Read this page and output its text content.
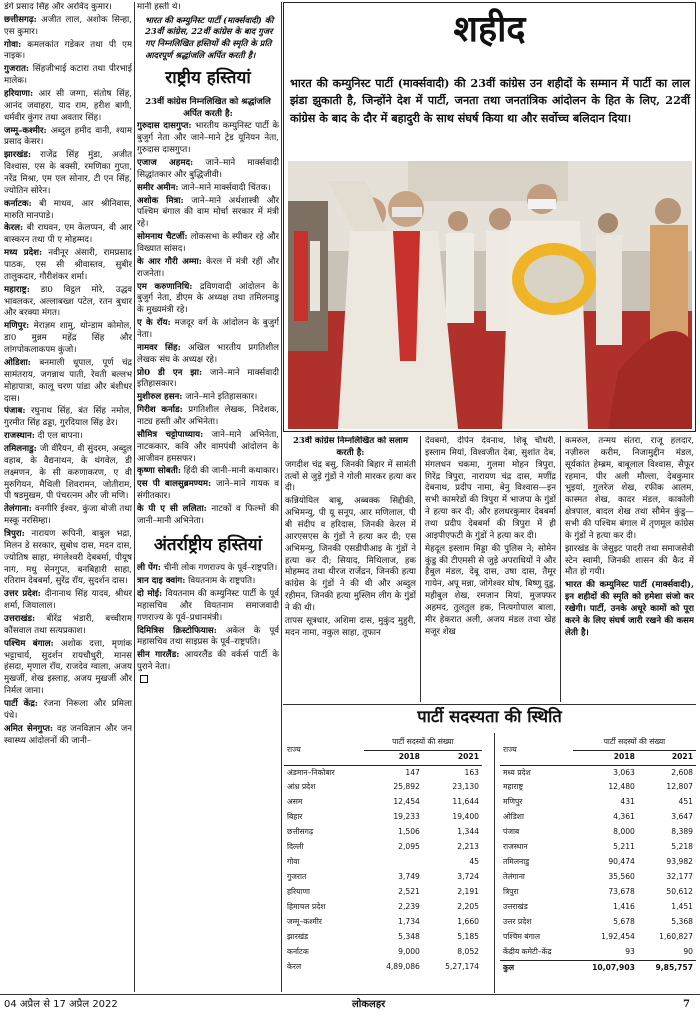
डंगे प्रसाद सिंह और अरविंद कुमार।
छत्तीसगढ़: अजीत लाल, अशोक सिन्हा, एस कुमार।
गोवा: कमलकांत गडेकर तथा पी एम नाइक।
गुजरात: सिंहजीभाई कटारा तथा पीरभाई मालेक।
हरियाणा: आर सी जग्गा, संतोष सिंह, आनंद जवाहरा, याद राम, हरीश बागी, धर्मवीर कुंगर तथा अवतार सिंह।
जम्मू–कश्मीर: अब्दुल हमीद वानी, श्याम प्रसाद केसर।
झारखंड: राजेंद्र सिंह मुंडा, अजीत विश्वास, एस के बक्सी, रमणिका गुप्ता, नरेंद्र मिश्रा, एम एल सोनार, टी एन सिंह, ज्योतिन सोरेन।
कर्नाटक: बी माधव, आर श्रीनिवास, मारुति मानपाडे।
केरल: बी राघवन, एम केलप्पन, वी आर बास्करन तथा पी ए मोहम्मद।
मध्य प्रदेश: नवीनूर अंसारी, रामप्रसाद पाठक, एस सी श्रीवास्तव, सुबीर तालुकदार, गौरीशंकर शर्मा।
महाराष्ट्र: डा0 विट्ठल मोरे, उद्धव भावलकर, अल्लाबख्श पटेल, रतन बुधार और बरक्या मंगत।
मणिपुर: मेराज्ञम शामु, थोन्डाम कोमोल, डा0 मुन्नम महेंद्र सिंह और लांगपोकलाकपम कुंजो।
ओडिशा: बनमाली धूपाल, पूर्ण चंद्र सामंतराय, जगन्नाथ पाती, रेवती बल्लभ मोहापात्रा, कालू चरण पांडा और बंशीधर दास।
पंजाब: रघुनाथ सिंह, बंत सिंह नमोल, गुरमीत सिंह ढड्डा, गुरदियाल सिंह ढेर।
राजस्थान: दी एल बापना।
तमिलनाडु: जी वीरैयन, वी सुंदरम, अब्दुल वहाब, के वैद्यनाथन, के थंगवेल, डी लक्ष्मणन, के सी करुणाकरण, ए वी मुरुगियन, मैथिली शिवरामन, जोतीराम, पी षडमुखम, पी पंचरत्नम और जी मणि।
तेलंगाना: वनगीरि ईश्वर, कुंजा बोजी तथा मस्कू नरसिम्हा।
त्रिपुरा: नारायण रूपिनी, बाबुल भद्रा, मिलन डे सरकार, सुबोध दास, मदन दास, ज्योतिष साहा, मंगलेश्वरी देबबर्मा, पीयूष नाग, मधु सेनगुप्त, बनबिहारी साहा, रतिराम देबबर्मा, सुरेंद्र रॉय, सुदर्शन दास।
उत्तर प्रदेश: दीनानाथ सिंह यादव, श्रीधर शर्मा, जियालाल।
उत्तराखंड: बीरेंद्र भंडारी, बच्चीराम कौंसवाल तथा सत्यप्रकाश।
पश्चिम बंगाल: अशोक दत्ता, मृणांक भट्टाचार्य, सुदर्शन रायचौधुरी, मानस हंसदा, मृणाल रॉय, राजदेव ग्वाला, अजय मुखर्जी, शेख इस्लाह, अजय मुखर्जी और निर्मल जाना।
पार्टी केंद्र: रंजना निरूला और प्रमिला पंधे।
अमित सेनगुप्त: वह जनविज्ञान और जन स्वास्थ्य आंदोलनों की जानी–
मानी हस्ती थे।
भारत की कम्युनिस्ट पार्टी (मार्क्सवादी) की 23वीं कांग्रेस, 22वीं कांग्रेस के बाद गुजर गए निम्नलिखित हस्तियों की स्मृति के प्रति आदरपूर्ण श्रद्धांजलि अर्पित करती है।
राष्ट्रीय हस्तियां
23वीं कांग्रेस निम्नलिखित को श्रद्धांजलि अर्पित करती है:
गुरुदास दासगुप्त: भारतीय कम्युनिस्ट पार्टी के बुजुर्ग नेता और जाने–माने ट्रेड यूनियन नेता, गुरुदास दासगुप्त।
एजाज अहमद: जाने–माने मार्क्सवादी सिद्धांतकार और बुद्धिजीवी।
समीर अमीन: जाने–माने मार्क्सवादी चिंतक।
अशोक मित्रा: जाने–माने अर्थशास्त्री और पश्चिम बंगाल की वाम मोर्चा सरकार में मंत्री रहे।
सोमनाथ चैटर्जी: लोकसभा के स्पीकर रहे और विख्यात सांसद।
के आर गौरी अम्मा: केरल में मंत्री रहीं और राजनेता।
एम करुणानिधि: द्रविणवादी आंदोलन के बुजुर्ग नेता, डीएम के अध्यक्ष तथा तमिलनाडु के मुख्यमंत्री रहे।
ए के रॉय: मजदूर वर्ग के आंदोलन के बुजुर्ग नेता।
नामवर सिंह: अखिल भारतीय प्रगतिशील लेखक संघ के अध्यक्ष रहे।
प्रो0 डी एन झा: जाने–माने मार्क्सवादी इतिहासकार।
मुशीरुल हसन: जाने–माने इतिहासकार।
गिरीश कर्नाड: प्रगतिशील लेखक, निदेशक, नाट्य हस्ती और अभिनेता।
सौमित्र चट्टोपाध्याय: जाने–माने अभिनेता, नाटककार, कवि और वामपंथी आंदोलन के आजीवन हमसफर।
कृष्णा सोबती: हिंदी की जानी–मानी कथाकार।
एस पी बालसुब्रमण्यम: जाने–माने गायक व संगीतकार।
के पी ए सी ललिता: नाटकों व फिल्मों की जानी–मानी अभिनेता।
अंतर्राष्ट्रीय हस्तियां
ली पेंग: चीनी लोक गणराज्य के पूर्व–राष्ट्रपति।
त्रान दाइ क्वांग: वियतनाम के राष्ट्रपति।
दो मोई: वियतनाम की कम्युनिस्ट पार्टी के पूर्व महासचिव और वियतनाम समाजवादी गणराज्य के पूर्व–प्रधानमंत्री।
दिमित्रिस क्रिस्टोफियास: अकेल के पूर्व महासचिव तथा साइप्रस के पूर्व–राष्ट्रपति।
सीन गारलैंड: आयरलैंड की वर्कर्स पार्टी के पुराने नेता।
शहीद
भारत की कम्युनिस्ट पार्टी (मार्क्सवादी) की 23वीं कांग्रेस उन शहीदों के सम्मान में पार्टी का लाल झंडा झुकाती है, जिन्होंने देश में पार्टी, जनता तथा जनतांत्रिक आंदोलन के हित के लिए, 22वीं कांग्रेस के बाद के दौर में बहादुरी के साथ संघर्ष किया था और सर्वोच्च बलिदान दिया।
23वीं कांग्रेस निम्नलिखित को सलाम करती है:
जगदीश चंद्र बसु, जिनकी बिहार में सामंती तत्वों से जुड़े गुंडों ने गोली मारकर हत्या कर दी।
कन्नियोयिल बाबू, अब्बक्क सिद्दीकी, अभिमन्यु, पी यू सनूप, आर मणिलाल, पी बी संदीप व हरिदास, जिनकी केरल में आरएसएस के गुंडों ने हत्या कर दी; एस अभिमन्यु, जिनकी एसडीपीआइ के गुंडों ने हत्या कर दी; सियाद, मिथिलाज, हक मोहम्मद तथा धीरज राजेंद्रन, जिनकी हत्या कांग्रेस के गुंडों ने की थी और अब्दुल रहीमन, जिनकी हत्या मुस्लिम लीग के गुंडों ने की थी।
तापस सूत्रधार, अशिमा दास, मुकुंद मुहुरी, मदन नामा, नकुल साहा, तूफान
देवबर्मा, दीपेन देवनाथ, शिबू चौधरी, इस्लाम मियां, विश्वजीत देबा, सुशांत देब, मंगलधन चकमा, गुलमा मोहन त्रिपुरा, गिरेंद्र त्रिपुरा, नारायण चंद्र दास, मणींद्र देबनाथ, प्रदीप नामा, बेनु विश्वास—इन सभी कामरेडों की त्रिपुरा में भाजपा के गुंडों ने हत्या कर दी; और हलधरकुमार देबबर्मा तथा प्रदीप देबबर्मा की त्रिपुरा में ही आइपीएफटी के गुंडों ने हत्या कर दी।
मेहदूल इस्लाम मिड्डा की पुलिस ने; सोमेन कुंडु की टीएमसी से जुड़े अपराधियों ने और हैबुल मंडल, देबू दास, उषा दास, तैमूर गायेन, अपू मन्ना, जोगेश्वर घोष, बिष्णु दुडु, महीबुल शेख, रमजान मियां, मुजफ्फर अहमद, तुलतुल हक, नित्यगोपाल बाला, मीर हेकरात अली, अजय मंडल तथा खेह मजूर शेख
कमरुल, तन्मय संतरा, राजू हलदार, नज़ीरुल करीम, निजामुद्दीन मंडल, सूर्यकांत हेम्ब्रम, बाबूलाल विश्वास, सैफूर रहमान, पीर अली मौल्ला, देबकुमार भुइयां, गुलरेज शेख, रफीक आलम, कास्मत शेख, कादर मंडल, काकोली क्षेत्रपाल, बादल शेख तथा सौमेन कुंडु—सभी की पश्चिम बंगाल में तृणमूल कांग्रेस के गुंडों ने हत्या कर दी।
झारखंड के जेसुइट पादरी तथा समाजसेवी स्टेन स्वामी, जिनकी शासन की कैद में मौत हो गयी।
भारत की कम्युनिस्ट पार्टी (मार्क्सवादी), इन शहीदों की स्मृति को हमेशा संजो कर रखेगी। पार्टी, उनके अधूरे कामों को पूरा करने के लिए संघर्ष जारी रखने की कसम लेती है।
पार्टी सदस्यता की स्थिति
राज्य	पार्टी सदस्यों की संख्या	
	2018	2021
अंडमान–निकोबार	147	163
आंध्र प्रदेश	25,892	23,130
असम	12,454	11,644
बिहार	19,233	19,400
छत्तीसगढ़	1,506	1,344
दिल्ली	2,095	2,213
गोवा		45
गुजरात	3,749	3,724
हरियाणा	2,521	2,191
हिमाचल प्रदेश	2,239	2,205
जम्मू–कश्मीर	1,734	1,660
झारखंड	5,348	5,185
कर्नाटक	9,000	8,052
केरल	4,89,086	5,27,174
राज्य	पार्टी सदस्यों की संख्या	
	2018	2021
मध्य प्रदेश	3,063	2,608
महाराष्ट्र	12,480	12,807
मणिपुर	431	451
ओडिशा	4,361	3,647
पंजाब	8,000	8,389
राजस्थान	5,211	5,218
तमिलनाडु	90,474	93,982
तेलंगाना	35,560	32,177
त्रिपुरा	73,678	50,612
उत्तराखंड	1,416	1,451
उत्तर प्रदेश	5,678	5,368
पश्चिम बंगाल	1,92,454	1,60,827
केंद्रीय कमेटी–केंद्र	93	90
कुल	10,07,903	9,85,757
04 अप्रैल से 17 अप्रैल 2022	लोकलहर	7
